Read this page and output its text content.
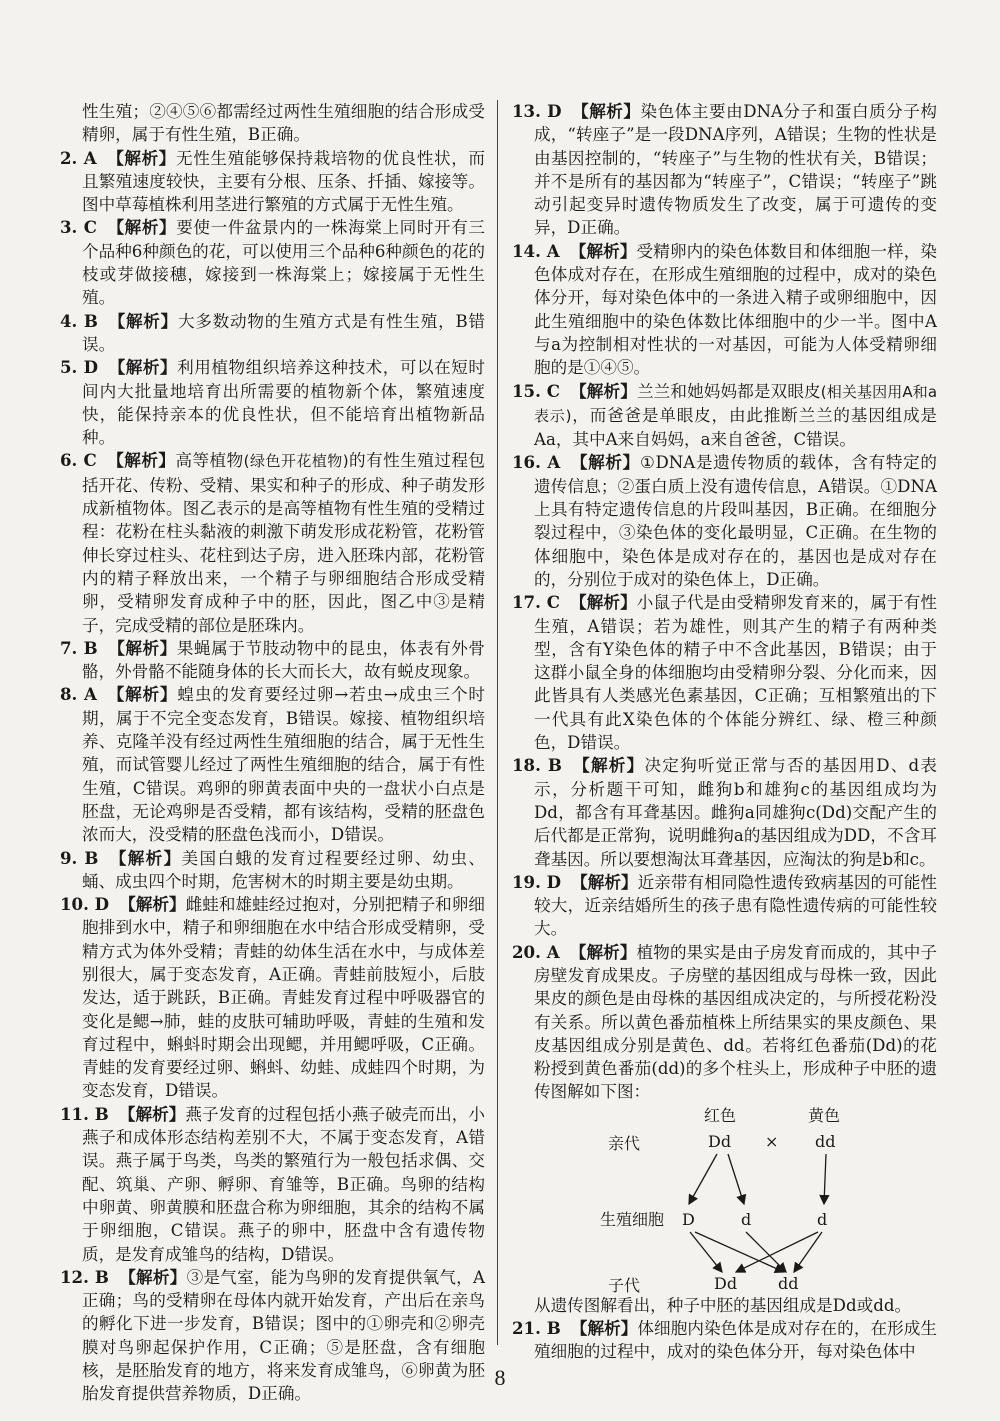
性生殖；②④⑤⑥都需经过两性生殖细胞的结合形成受精卵，属于有性生殖，B正确。

2. A 【解析】无性生殖能够保持栽培物的优良性状，而且繁殖速度较快，主要有分根、压条、扦插、嫁接等。图中草莓植株利用茎进行繁殖的方式属于无性生殖。

3. C 【解析】要使一件盆景内的一株海棠上同时开有三个品种6种颜色的花，可以使用三个品种6种颜色的花的枝或芽做接穗，嫁接到一株海棠上；嫁接属于无性生殖。

4. B 【解析】大多数动物的生殖方式是有性生殖，B错误。

5. D 【解析】利用植物组织培养这种技术，可以在短时间内大批量地培育出所需要的植物新个体，繁殖速度快，能保持亲本的优良性状，但不能培育出植物新品种。

6. C 【解析】高等植物(绿色开花植物)的有性生殖过程包括开花、传粉、受精、果实和种子的形成、种子萌发形成新植物体。图乙表示的是高等植物有性生殖的受精过程：花粉在柱头黏液的刺激下萌发形成花粉管，花粉管伸长穿过柱头、花柱到达子房，进入胚珠内部，花粉管内的精子释放出来，一个精子与卵细胞结合形成受精卵，受精卵发育成种子中的胚，因此，图乙中③是精子，完成受精的部位是胚珠内。

7. B 【解析】果蝇属于节肢动物中的昆虫，体表有外骨骼，外骨骼不能随身体的长大而长大，故有蜕皮现象。

8. A 【解析】蝗虫的发育要经过卵→若虫→成虫三个时期，属于不完全变态发育，B错误。嫁接、植物组织培养、克隆羊没有经过两性生殖细胞的结合，属于无性生殖，而试管婴儿经过了两性生殖细胞的结合，属于有性生殖，C错误。鸡卵的卵黄表面中央的一盘状小白点是胚盘，无论鸡卵是否受精，都有该结构，受精的胚盘色浓而大，没受精的胚盘色浅而小，D错误。

9. B 【解析】美国白蛾的发育过程要经过卵、幼虫、蛹、成虫四个时期，危害树木的时期主要是幼虫期。

10. D 【解析】雌蛙和雄蛙经过抱对，分别把精子和卵细胞排到水中，精子和卵细胞在水中结合形成受精卵，受精方式为体外受精；青蛙的幼体生活在水中，与成体差别很大，属于变态发育，A正确。青蛙前肢短小，后肢发达，适于跳跃，B正确。青蛙发育过程中呼吸器官的变化是鳃→肺，蛙的皮肤可辅助呼吸，青蛙的生殖和发育过程中，蝌蚪时期会出现鳃，并用鳃呼吸，C正确。青蛙的发育要经过卵、蝌蚪、幼蛙、成蛙四个时期，为变态发育，D错误。

11. B 【解析】燕子发育的过程包括小燕子破壳而出，小燕子和成体形态结构差别不大，不属于变态发育，A错误。燕子属于鸟类，鸟类的繁殖行为一般包括求偶、交配、筑巢、产卵、孵卵、育雏等，B正确。鸟卵的结构中卵黄、卵黄膜和胚盘合称为卵细胞，其余的结构不属于卵细胞，C错误。燕子的卵中，胚盘中含有遗传物质，是发育成雏鸟的结构，D错误。

12. B 【解析】③是气室，能为鸟卵的发育提供氧气，A正确；鸟的受精卵在母体内就开始发育，产出后在亲鸟的孵化下进一步发育，B错误；图中的①卵壳和②卵壳膜对鸟卵起保护作用，C正确；⑤是胚盘，含有细胞核，是胚胎发育的地方，将来发育成雏鸟，⑥卵黄为胚胎发育提供营养物质，D正确。

13. D 【解析】染色体主要由DNA分子和蛋白质分子构成，“转座子”是一段DNA序列，A错误；生物的性状是由基因控制的，“转座子”与生物的性状有关，B错误；并不是所有的基因都为“转座子”，C错误；“转座子”跳动引起变异时遗传物质发生了改变，属于可遗传的变异，D正确。

14. A 【解析】受精卵内的染色体数目和体细胞一样，染色体成对存在，在形成生殖细胞的过程中，成对的染色体分开，每对染色体中的一条进入精子或卵细胞中，因此生殖细胞中的染色体数比体细胞中的少一半。图中A与a为控制相对性状的一对基因，可能为人体受精卵细胞的是①④⑤。

15. C 【解析】兰兰和她妈妈都是双眼皮(相关基因用A和a表示)，而爸爸是单眼皮，由此推断兰兰的基因组成是Aa，其中A来自妈妈，a来自爸爸，C错误。

16. A 【解析】①DNA是遗传物质的载体，含有特定的遗传信息；②蛋白质上没有遗传信息，A错误。①DNA上具有特定遗传信息的片段叫基因，B正确。在细胞分裂过程中，③染色体的变化最明显，C正确。在生物的体细胞中，染色体是成对存在的，基因也是成对存在的，分别位于成对的染色体上，D正确。

17. C 【解析】小鼠子代是由受精卵发育来的，属于有性生殖，A错误；若为雄性，则其产生的精子有两种类型，含有Y染色体的精子中不含此基因，B错误；由于这群小鼠全身的体细胞均由受精卵分裂、分化而来，因此皆具有人类感光色素基因，C正确；互相繁殖出的下一代具有此X染色体的个体能分辨红、绿、橙三种颜色，D错误。

18. B 【解析】决定狗听觉正常与否的基因用D、d表示，分析题干可知，雌狗b和雄狗c的基因组成均为Dd，都含有耳聋基因。雌狗a同雄狗c(Dd)交配产生的后代都是正常狗，说明雌狗a的基因组成为DD，不含耳聋基因。所以要想淘汰耳聋基因，应淘汰的狗是b和c。

19. D 【解析】近亲带有相同隐性遗传致病基因的可能性较大，近亲结婚所生的孩子患有隐性遗传病的可能性较大。

20. A 【解析】植物的果实是由子房发育而成的，其中子房壁发育成果皮。子房壁的基因组成与母株一致，因此果皮的颜色是由母株的基因组成决定的，与所授花粉没有关系。所以黄色番茄植株上所结果实的果皮颜色、果皮基因组成分别是黄色、dd。若将红色番茄(Dd)的花粉授到黄色番茄(dd)的多个柱头上，形成种子中胚的遗传图解如下图：

红色	黄色
亲代	Dd × dd
生殖细胞 D	d	d
子代	Dd	dd

从遗传图解看出，种子中胚的基因组成是Dd或dd。

21. B 【解析】体细胞内染色体是成对存在的，在形成生殖细胞的过程中，成对的染色体分开，每对染色体中

8
